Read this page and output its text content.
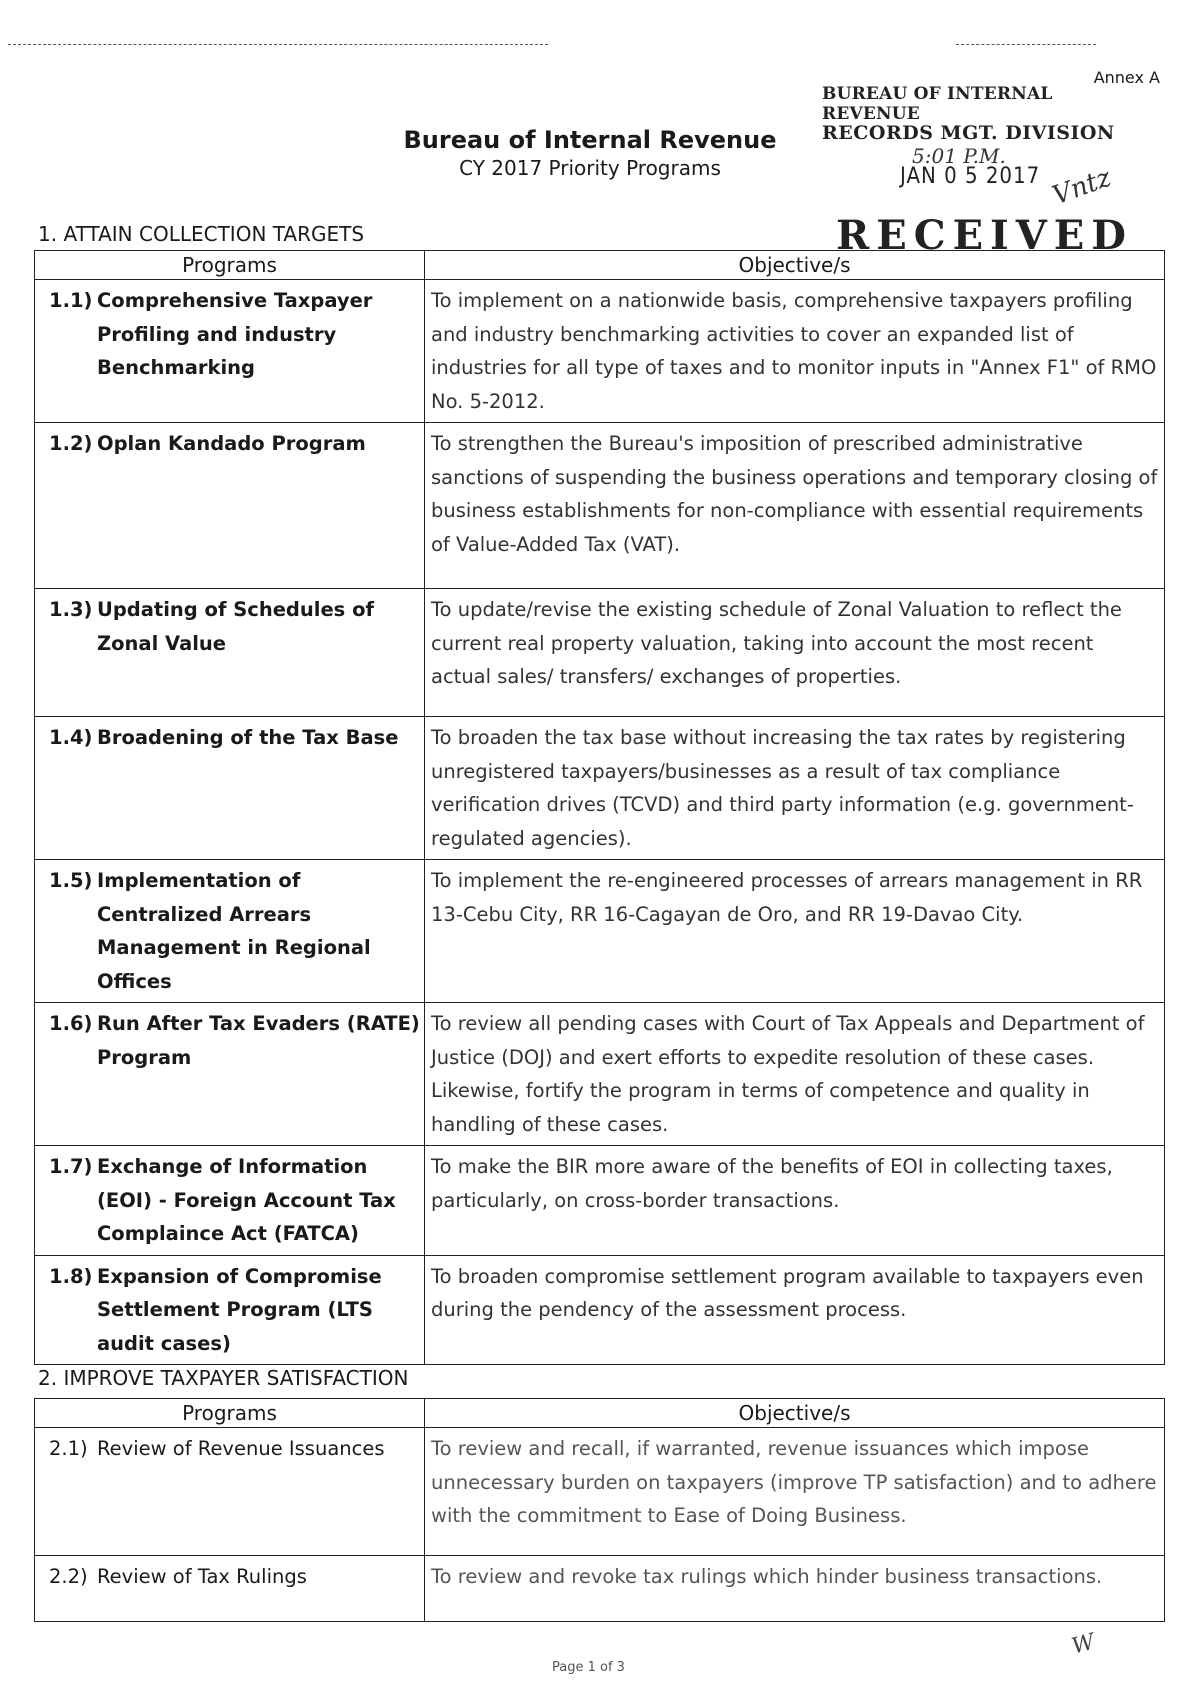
Annex A
BUREAU OF INTERNAL REVENUE
RECORDS MGT. DIVISION
5:01 P.M.
JAN 0 5 2017 Vntz
RECEIVED
Bureau of Internal Revenue
CY 2017 Priority Programs
1. ATTAIN COLLECTION TARGETS
Programs	Objective/s

1.1) Comprehensive Taxpayer Profiling and industry Benchmarking	To implement on a nationwide basis, comprehensive taxpayers profiling and industry benchmarking activities to cover an expanded list of industries for all type of taxes and to monitor inputs in "Annex F1" of RMO No. 5-2012.

1.2) Oplan Kandado Program	To strengthen the Bureau's imposition of prescribed administrative sanctions of suspending the business operations and temporary closing of business establishments for non-compliance with essential requirements of Value-Added Tax (VAT).

1.3) Updating of Schedules of Zonal Value	To update/revise the existing schedule of Zonal Valuation to reflect the current real property valuation, taking into account the most recent actual sales/ transfers/ exchanges of properties.

1.4) Broadening of the Tax Base	To broaden the tax base without increasing the tax rates by registering unregistered taxpayers/businesses as a result of tax compliance verification drives (TCVD) and third party information (e.g. government-regulated agencies).

1.5) Implementation of Centralized Arrears Management in Regional Offices	To implement the re-engineered processes of arrears management in RR 13-Cebu City, RR 16-Cagayan de Oro, and RR 19-Davao City.

1.6) Run After Tax Evaders (RATE) Program	To review all pending cases with Court of Tax Appeals and Department of Justice (DOJ) and exert efforts to expedite resolution of these cases. Likewise, fortify the program in terms of competence and quality in handling of these cases.

1.7) Exchange of Information (EOI) - Foreign Account Tax Complaince Act (FATCA)	To make the BIR more aware of the benefits of EOI in collecting taxes, particularly, on cross-border transactions.

1.8) Expansion of Compromise Settlement Program (LTS audit cases)	To broaden compromise settlement program available to taxpayers even during the pendency of the assessment process.
2. IMPROVE TAXPAYER SATISFACTION
Programs	Objective/s

2.1) Review of Revenue Issuances	To review and recall, if warranted, revenue issuances which impose unnecessary burden on taxpayers (improve TP satisfaction) and to adhere with the commitment to Ease of Doing Business.

2.2) Review of Tax Rulings	To review and revoke tax rulings which hinder business transactions.
Page 1 of 3
W
